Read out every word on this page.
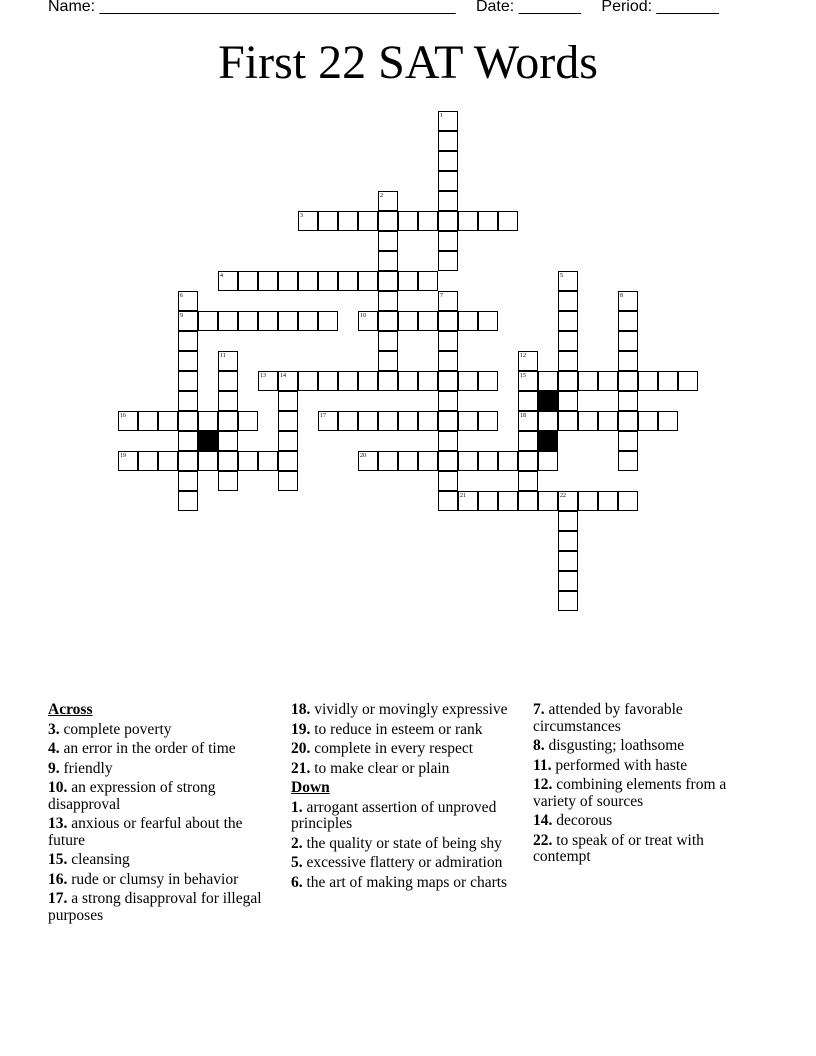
Name: ________________________________________ Date: _______ Period: _______
First 22 SAT Words
1
2
3
4	5
6	7	8
9	10
11	12
13 14	15
16	17	18
19	20
21	22
Across
3. complete poverty
4. an error in the order of time
9. friendly
10. an expression of strong disapproval
13. anxious or fearful about the future
15. cleansing
16. rude or clumsy in behavior
17. a strong disapproval for illegal purposes
18. vividly or movingly expressive
19. to reduce in esteem or rank
20. complete in every respect
21. to make clear or plain
Down
1. arrogant assertion of unproved principles
2. the quality or state of being shy
5. excessive flattery or admiration
6. the art of making maps or charts
7. attended by favorable circumstances
8. disgusting; loathsome
11. performed with haste
12. combining elements from a variety of sources
14. decorous
22. to speak of or treat with contempt
